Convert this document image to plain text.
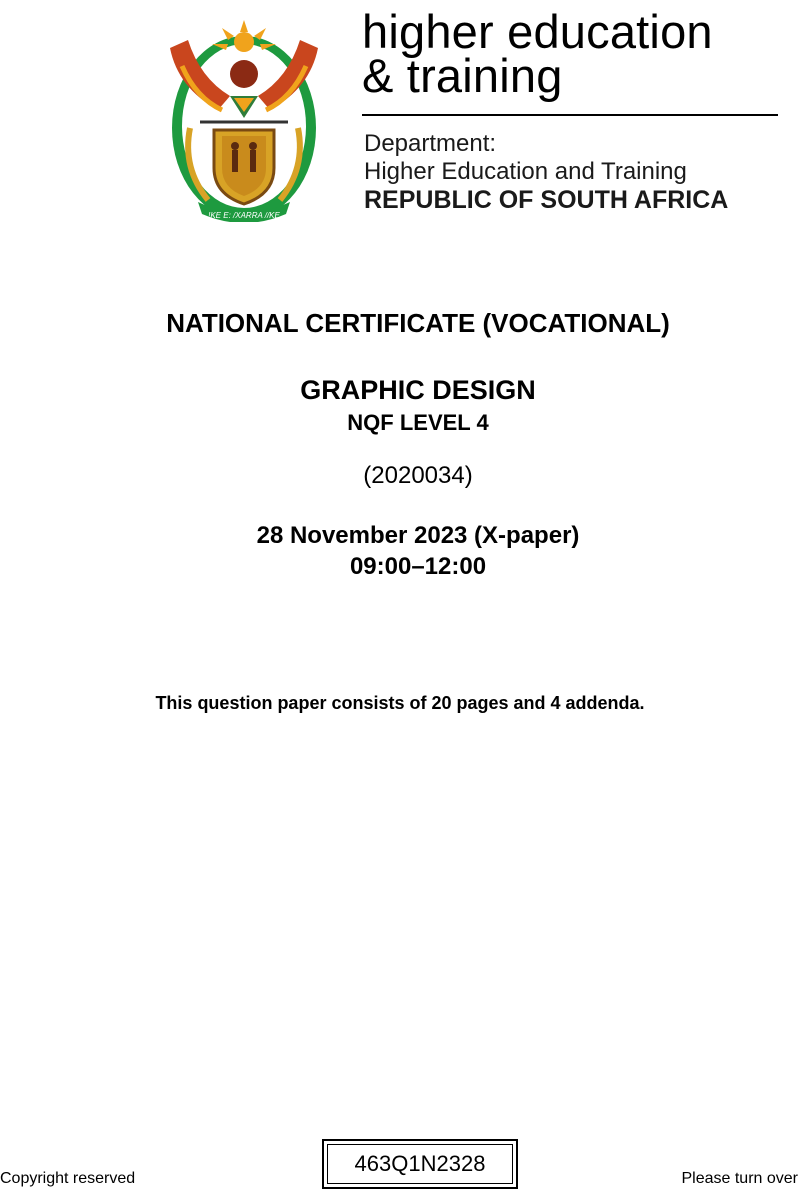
!KE E: /XARRA //KE
higher education
& training
Department:
Higher Education and Training
REPUBLIC OF SOUTH AFRICA
NATIONAL CERTIFICATE (VOCATIONAL)
GRAPHIC DESIGN
NQF LEVEL 4
(2020034)
28 November 2023 (X-paper)
09:00–12:00
This question paper consists of 20 pages and 4 addenda.
Copyright reserved
463Q1N2328
Please turn over
